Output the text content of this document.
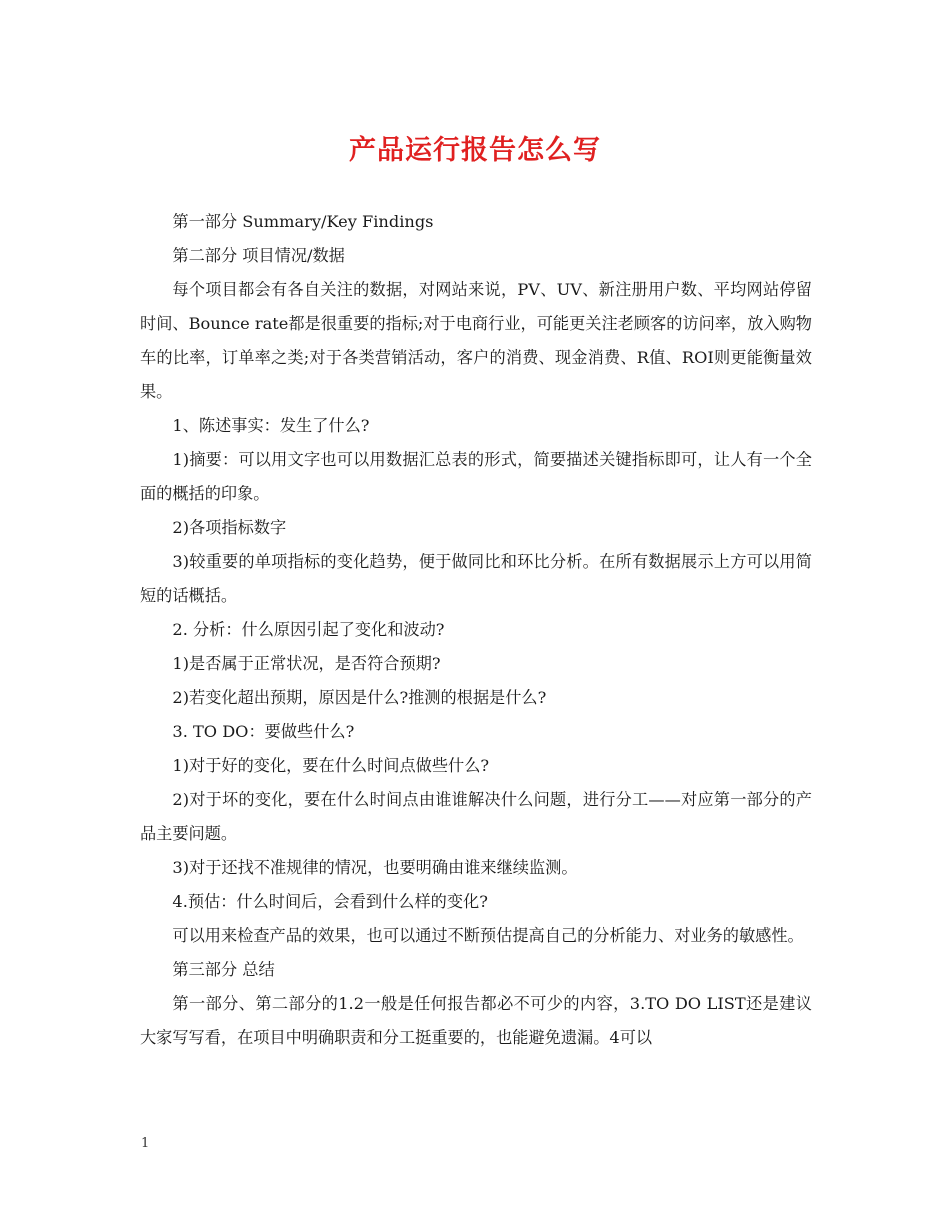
产品运行报告怎么写

第一部分 Summary/Key Findings

第二部分 项目情况/数据

每个项目都会有各自关注的数据，对网站来说，PV、UV、新注册用户数、平均网站停留时间、Bounce rate都是很重要的指标;对于电商行业，可能更关注老顾客的访问率，放入购物车的比率，订单率之类;对于各类营销活动，客户的消费、现金消费、R值、ROI则更能衡量效果。

1、陈述事实：发生了什么?

1)摘要：可以用文字也可以用数据汇总表的形式，简要描述关键指标即可，让人有一个全面的概括的印象。

2)各项指标数字

3)较重要的单项指标的变化趋势，便于做同比和环比分析。在所有数据展示上方可以用简短的话概括。

2. 分析：什么原因引起了变化和波动?

1)是否属于正常状况，是否符合预期?

2)若变化超出预期，原因是什么?推测的根据是什么?

3. TO DO：要做些什么?

1)对于好的变化，要在什么时间点做些什么?

2)对于坏的变化，要在什么时间点由谁谁解决什么问题，进行分工——对应第一部分的产品主要问题。

3)对于还找不准规律的情况，也要明确由谁来继续监测。

4.预估：什么时间后，会看到什么样的变化?

可以用来检查产品的效果，也可以通过不断预估提高自己的分析能力、对业务的敏感性。

第三部分 总结

第一部分、第二部分的1.2一般是任何报告都必不可少的内容，3.TO DO LIST还是建议大家写写看，在项目中明确职责和分工挺重要的，也能避免遗漏。4可以

1
